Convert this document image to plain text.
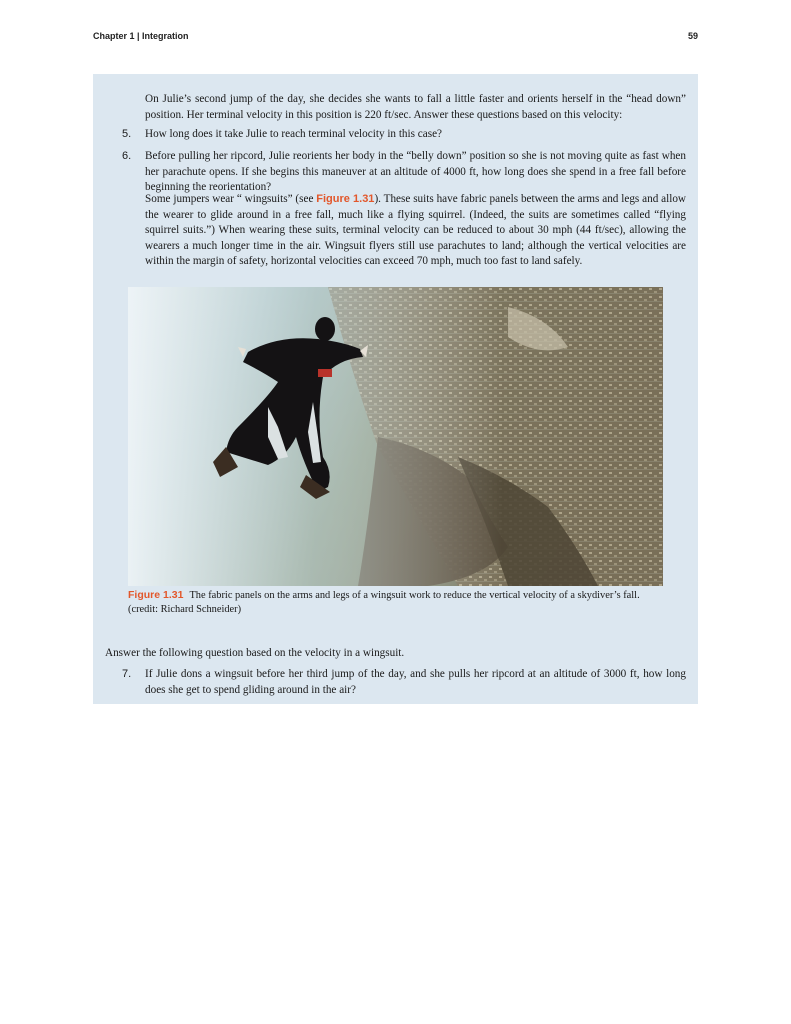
Chapter 1 | Integration	59
On Julie’s second jump of the day, she decides she wants to fall a little faster and orients herself in the “head down” position. Her terminal velocity in this position is 220 ft/sec. Answer these questions based on this velocity:
5. How long does it take Julie to reach terminal velocity in this case?
6. Before pulling her ripcord, Julie reorients her body in the “belly down” position so she is not moving quite as fast when her parachute opens. If she begins this maneuver at an altitude of 4000 ft, how long does she spend in a free fall before beginning the reorientation?
Some jumpers wear “ wingsuits” (see Figure 1.31). These suits have fabric panels between the arms and legs and allow the wearer to glide around in a free fall, much like a flying squirrel. (Indeed, the suits are sometimes called “flying squirrel suits.”) When wearing these suits, terminal velocity can be reduced to about 30 mph (44 ft/sec), allowing the wearers a much longer time in the air. Wingsuit flyers still use parachutes to land; although the vertical velocities are within the margin of safety, horizontal velocities can exceed 70 mph, much too fast to land safely.
Figure 1.31 The fabric panels on the arms and legs of a wingsuit work to reduce the vertical velocity of a skydiver’s fall. (credit: Richard Schneider)
Answer the following question based on the velocity in a wingsuit.
7. If Julie dons a wingsuit before her third jump of the day, and she pulls her ripcord at an altitude of 3000 ft, how long does she get to spend gliding around in the air?
